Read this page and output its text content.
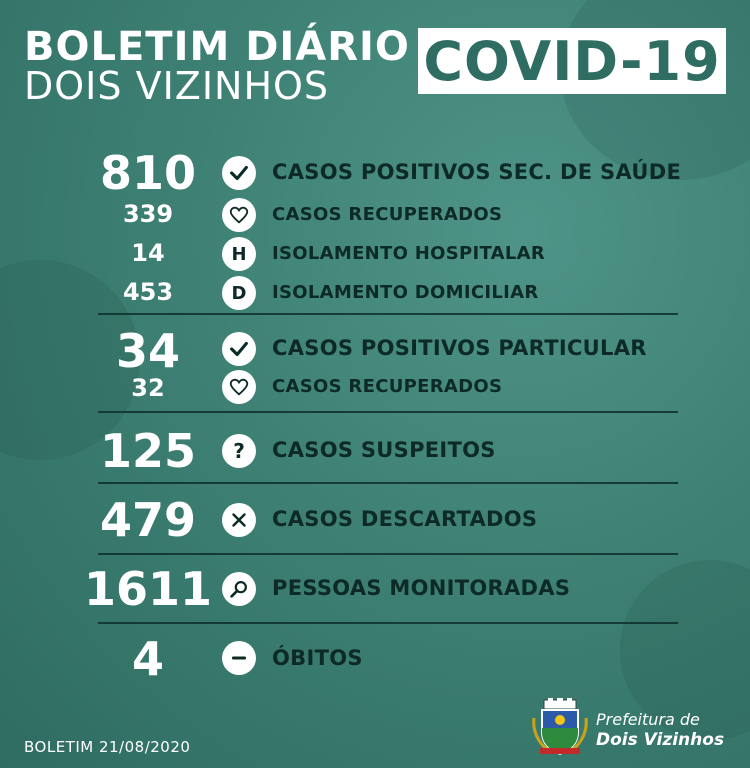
BOLETIM DIÁRIO
DOIS VIZINHOS COVID-19
810	CASOS POSITIVOS SEC. DE SAÚDE
339	CASOS RECUPERADOS
14	H	ISOLAMENTO HOSPITALAR
453	D	ISOLAMENTO DOMICILIAR
34	CASOS POSITIVOS PARTICULAR
32	CASOS RECUPERADOS
125	?	CASOS SUSPEITOS
479	CASOS DESCARTADOS
1611	PESSOAS MONITORADAS
4	ÓBITOS
BOLETIM 21/08/2020
Prefeitura de
Dois Vizinhos
